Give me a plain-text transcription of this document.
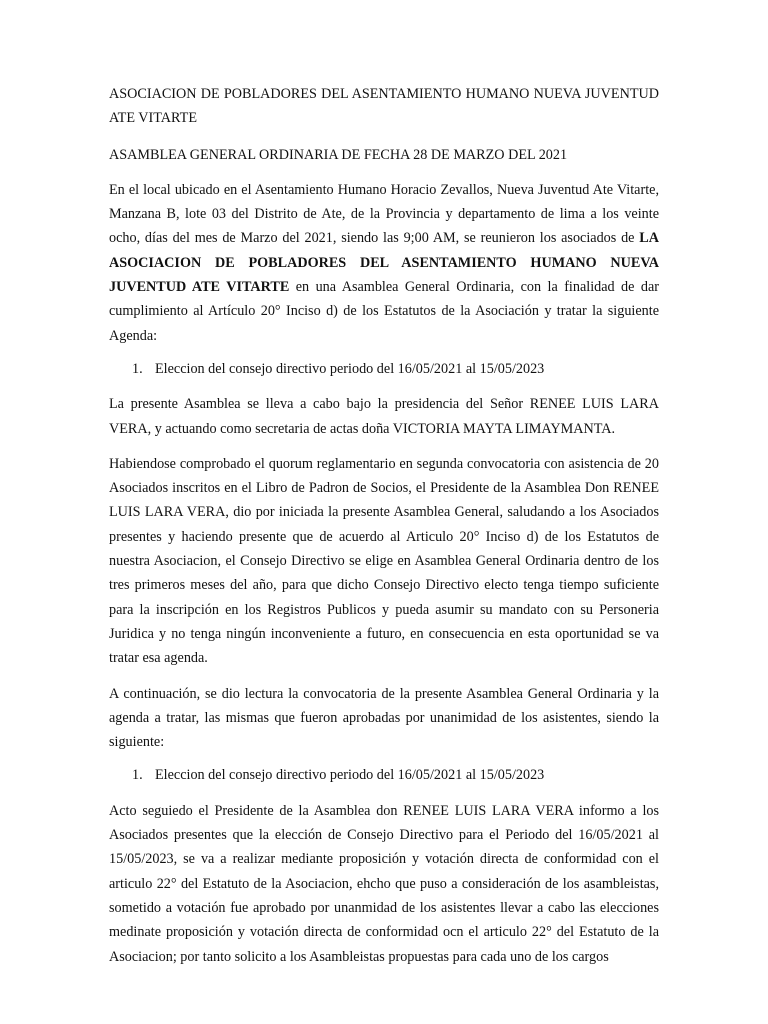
ASOCIACION DE POBLADORES DEL ASENTAMIENTO HUMANO NUEVA JUVENTUD ATE VITARTE

ASAMBLEA GENERAL ORDINARIA DE FECHA 28 DE MARZO DEL 2021

En el local ubicado en el Asentamiento Humano Horacio Zevallos, Nueva Juventud Ate Vitarte, Manzana B, lote 03 del Distrito de Ate, de la Provincia y departamento de lima a los veinte ocho, días del mes de Marzo del 2021, siendo las 9;00 AM, se reunieron los asociados de LA ASOCIACION DE POBLADORES DEL ASENTAMIENTO HUMANO NUEVA JUVENTUD ATE VITARTE en una Asamblea General Ordinaria, con la finalidad de dar cumplimiento al Artículo 20° Inciso d) de los Estatutos de la Asociación y tratar la siguiente Agenda:

1. Eleccion del consejo directivo periodo del 16/05/2021 al 15/05/2023

La presente Asamblea se lleva a cabo bajo la presidencia del Señor RENEE LUIS LARA VERA, y actuando como secretaria de actas doña VICTORIA MAYTA LIMAYMANTA.

Habiendose comprobado el quorum reglamentario en segunda convocatoria con asistencia de 20 Asociados inscritos en el Libro de Padron de Socios, el Presidente de la Asamblea Don RENEE LUIS LARA VERA, dio por iniciada la presente Asamblea General, saludando a los Asociados presentes y haciendo presente que de acuerdo al Articulo 20° Inciso d) de los Estatutos de nuestra Asociacion, el Consejo Directivo se elige en Asamblea General Ordinaria dentro de los tres primeros meses del año, para que dicho Consejo Directivo electo tenga tiempo suficiente para la inscripción en los Registros Publicos y pueda asumir su mandato con su Personeria Juridica y no tenga ningún inconveniente a futuro, en consecuencia en esta oportunidad se va tratar esa agenda.

A continuación, se dio lectura la convocatoria de la presente Asamblea General Ordinaria y la agenda a tratar, las mismas que fueron aprobadas por unanimidad de los asistentes, siendo la siguiente:

1. Eleccion del consejo directivo periodo del 16/05/2021 al 15/05/2023

Acto seguiedo el Presidente de la Asamblea don RENEE LUIS LARA VERA informo a los Asociados presentes que la elección de Consejo Directivo para el Periodo del 16/05/2021 al 15/05/2023, se va a realizar mediante proposición y votación directa de conformidad con el articulo 22° del Estatuto de la Asociacion, ehcho que puso a consideración de los asambleistas, sometido a votación fue aprobado por unanmidad de los asistentes llevar a cabo las elecciones medinate proposición y votación directa de conformidad ocn el articulo 22° del Estatuto de la Asociacion; por tanto solicito a los Asambleistas propuestas para cada uno de los cargos
